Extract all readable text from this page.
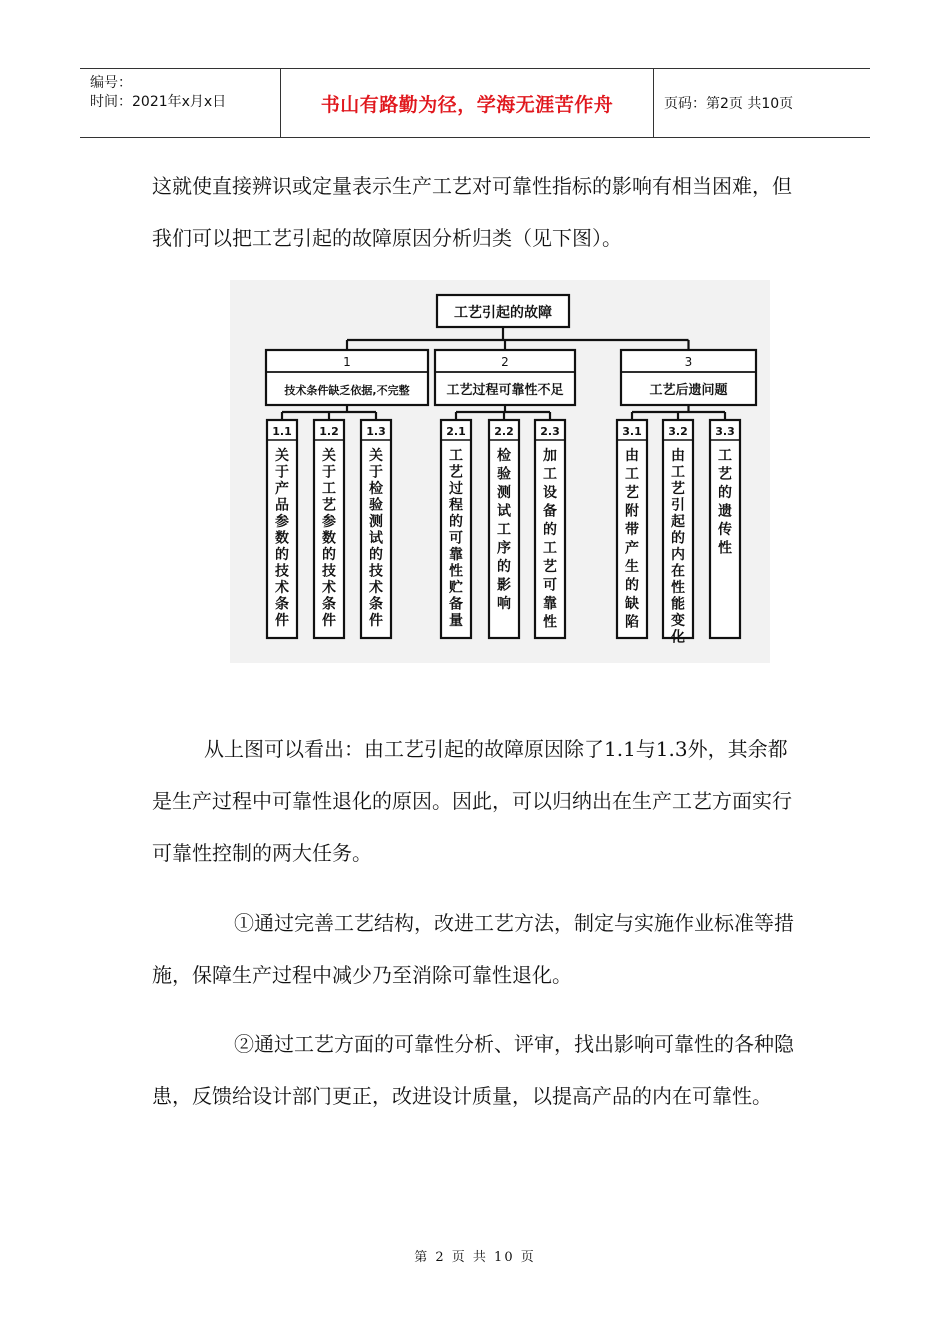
编号：
时间：2021年x月x日	书山有路勤为径，学海无涯苦作舟	页码：第2页 共10页

这就使直接辨识或定量表示生产工艺对可靠性指标的影响有相当困难，但我们可以把工艺引起的故障原因分析归类（见下图）。

工艺引起的故障
1
技术条件缺乏依据,不完整
1.1
关
于
产
品
参
数
的
技
术
条
件
1.2
关
于
工
艺
参
数
的
技
术
条
件
1.3
关
于
检
验
测
试
的
技
术
条
件
2
工艺过程可靠性不足
2.1
工
艺
过
程
的
可
靠
性
贮
备
量
2.2
检
验
测
试
工
序
的
影
响
2.3
加
工
设
备
的
工
艺
可
靠
性
3
工艺后遗问题
3.1
由
工
艺
附
带
产
生
的
缺
陷
3.2
由
工
艺
引
起
的
内
在
性
能
变
化
3.3
工
艺
的
遗
传
性

从上图可以看出：由工艺引起的故障原因除了1.1与1.3外，其余都是生产过程中可靠性退化的原因。因此，可以归纳出在生产工艺方面实行可靠性控制的两大任务。

①通过完善工艺结构，改进工艺方法，制定与实施作业标准等措施，保障生产过程中减少乃至消除可靠性退化。

②通过工艺方面的可靠性分析、评审，找出影响可靠性的各种隐患，反馈给设计部门更正，改进设计质量，以提高产品的内在可靠性。

第 2 页 共 10 页
